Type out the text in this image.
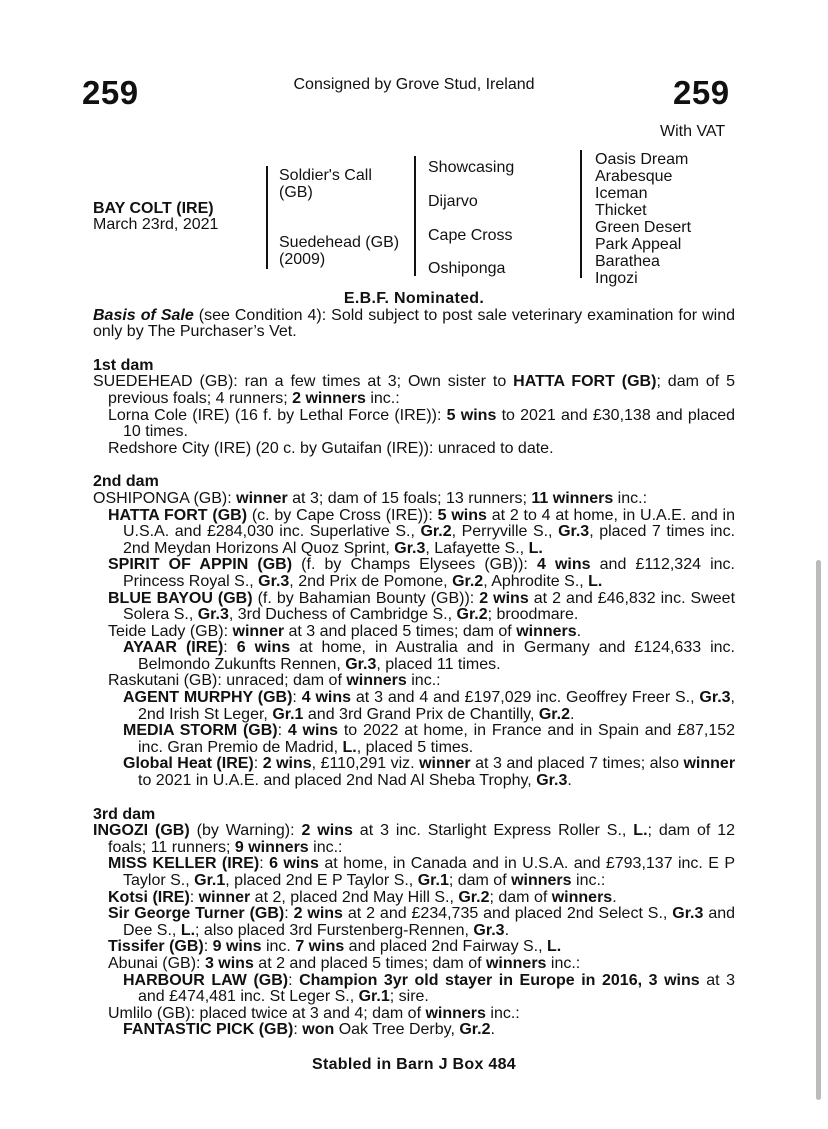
259	Consigned by Grove Stud, Ireland	259
With VAT
BAY COLT (IRE)
March 23rd, 2021
Soldier's Call (GB)
Suedehead (GB) (2009)
Showcasing
Dijarvo
Cape Cross
Oshiponga
Oasis Dream
Arabesque
Iceman
Thicket
Green Desert
Park Appeal
Barathea
Ingozi

E.B.F. Nominated.

Basis of Sale (see Condition 4): Sold subject to post sale veterinary examination for wind only by The Purchaser’s Vet.

1st dam

SUEDEHEAD (GB): ran a few times at 3; Own sister to HATTA FORT (GB); dam of 5 previous foals; 4 runners; 2 winners inc.:

Lorna Cole (IRE) (16 f. by Lethal Force (IRE)): 5 wins to 2021 and £30,138 and placed 10 times.

Redshore City (IRE) (20 c. by Gutaifan (IRE)): unraced to date.

2nd dam

OSHIPONGA (GB): winner at 3; dam of 15 foals; 13 runners; 11 winners inc.:

HATTA FORT (GB) (c. by Cape Cross (IRE)): 5 wins at 2 to 4 at home, in U.A.E. and in U.S.A. and £284,030 inc. Superlative S., Gr.2, Perryville S., Gr.3, placed 7 times inc. 2nd Meydan Horizons Al Quoz Sprint, Gr.3, Lafayette S., L.

SPIRIT OF APPIN (GB) (f. by Champs Elysees (GB)): 4 wins and £112,324 inc. Princess Royal S., Gr.3, 2nd Prix de Pomone, Gr.2, Aphrodite S., L.

BLUE BAYOU (GB) (f. by Bahamian Bounty (GB)): 2 wins at 2 and £46,832 inc. Sweet Solera S., Gr.3, 3rd Duchess of Cambridge S., Gr.2; broodmare.

Teide Lady (GB): winner at 3 and placed 5 times; dam of winners.

AYAAR (IRE): 6 wins at home, in Australia and in Germany and £124,633 inc. Belmondo Zukunfts Rennen, Gr.3, placed 11 times.

Raskutani (GB): unraced; dam of winners inc.:

AGENT MURPHY (GB): 4 wins at 3 and 4 and £197,029 inc. Geoffrey Freer S., Gr.3, 2nd Irish St Leger, Gr.1 and 3rd Grand Prix de Chantilly, Gr.2.

MEDIA STORM (GB): 4 wins to 2022 at home, in France and in Spain and £87,152 inc. Gran Premio de Madrid, L., placed 5 times.

Global Heat (IRE): 2 wins, £110,291 viz. winner at 3 and placed 7 times; also winner to 2021 in U.A.E. and placed 2nd Nad Al Sheba Trophy, Gr.3.

3rd dam

INGOZI (GB) (by Warning): 2 wins at 3 inc. Starlight Express Roller S., L.; dam of 12 foals; 11 runners; 9 winners inc.:

MISS KELLER (IRE): 6 wins at home, in Canada and in U.S.A. and £793,137 inc. E P Taylor S., Gr.1, placed 2nd E P Taylor S., Gr.1; dam of winners inc.:

Kotsi (IRE): winner at 2, placed 2nd May Hill S., Gr.2; dam of winners.

Sir George Turner (GB): 2 wins at 2 and £234,735 and placed 2nd Select S., Gr.3 and Dee S., L.; also placed 3rd Furstenberg-Rennen, Gr.3.

Tissifer (GB): 9 wins inc. 7 wins and placed 2nd Fairway S., L.

Abunai (GB): 3 wins at 2 and placed 5 times; dam of winners inc.:

HARBOUR LAW (GB): Champion 3yr old stayer in Europe in 2016, 3 wins at 3 and £474,481 inc. St Leger S., Gr.1; sire.

Umlilo (GB): placed twice at 3 and 4; dam of winners inc.:

FANTASTIC PICK (GB): won Oak Tree Derby, Gr.2.

Stabled in Barn J Box 484
